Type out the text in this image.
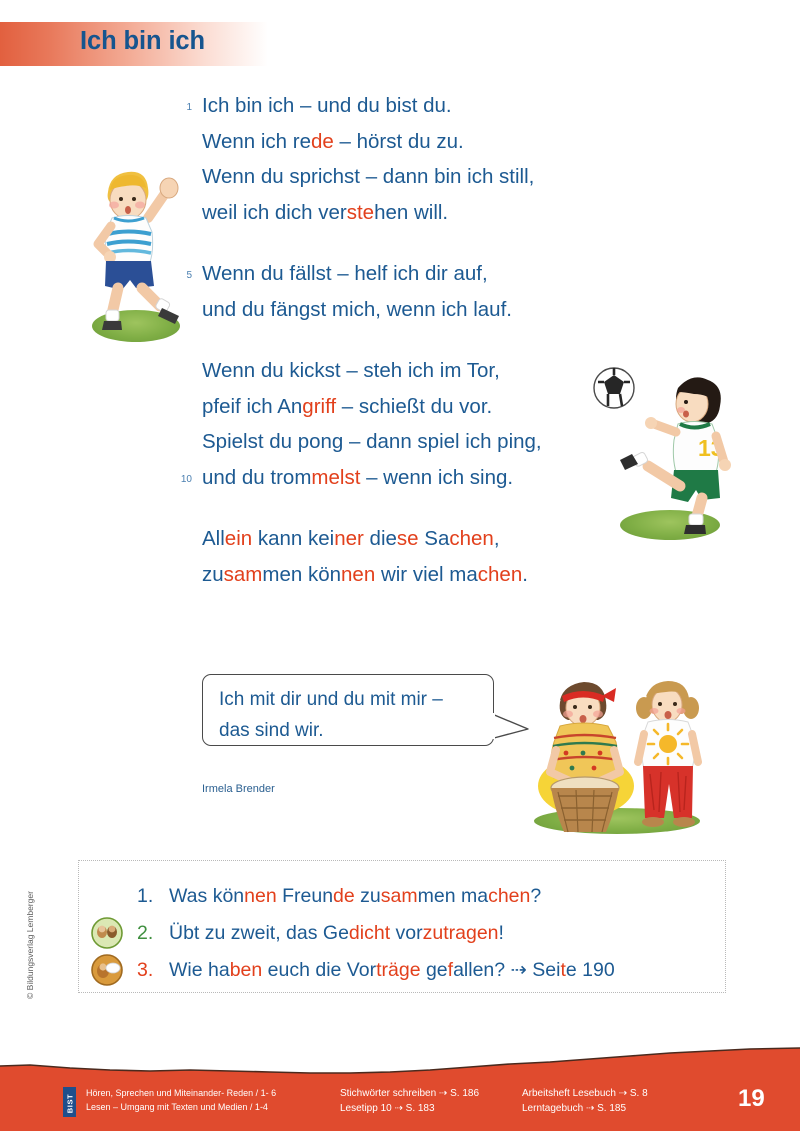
Ich bin ich
1 Ich bin ich – und du bist du.
Wenn ich rede – hörst du zu.
Wenn du sprichst – dann bin ich still,
weil ich dich verstehen will.
5 Wenn du fällst – helf ich dir auf,
und du fängst mich, wenn ich lauf.
Wenn du kickst – steh ich im Tor,
pfeif ich Angriff – schießt du vor.
Spielst du pong – dann spiel ich ping,
10 und du trommelst – wenn ich sing.
Allein kann keiner diese Sachen,
zusammen können wir viel machen.
13
Ich mit dir und du mit mir –
das sind wir.
Irmela Brender
1. Was können Freunde zusammen machen?
2. Übt zu zweit, das Gedicht vorzutragen!
3. Wie haben euch die Vorträge gefallen? ⇢ Seite 190
© Bildungsverlag Lemberger
BIST
Hören, Sprechen und Miteinander- Reden / 1- 6
Lesen – Umgang mit Texten und Medien / 1-4
Stichwörter schreiben ⇢ S. 186
Lesetipp 10 ⇢ S. 183
Arbeitsheft Lesebuch ⇢ S. 8
Lerntagebuch ⇢ S. 185	19
